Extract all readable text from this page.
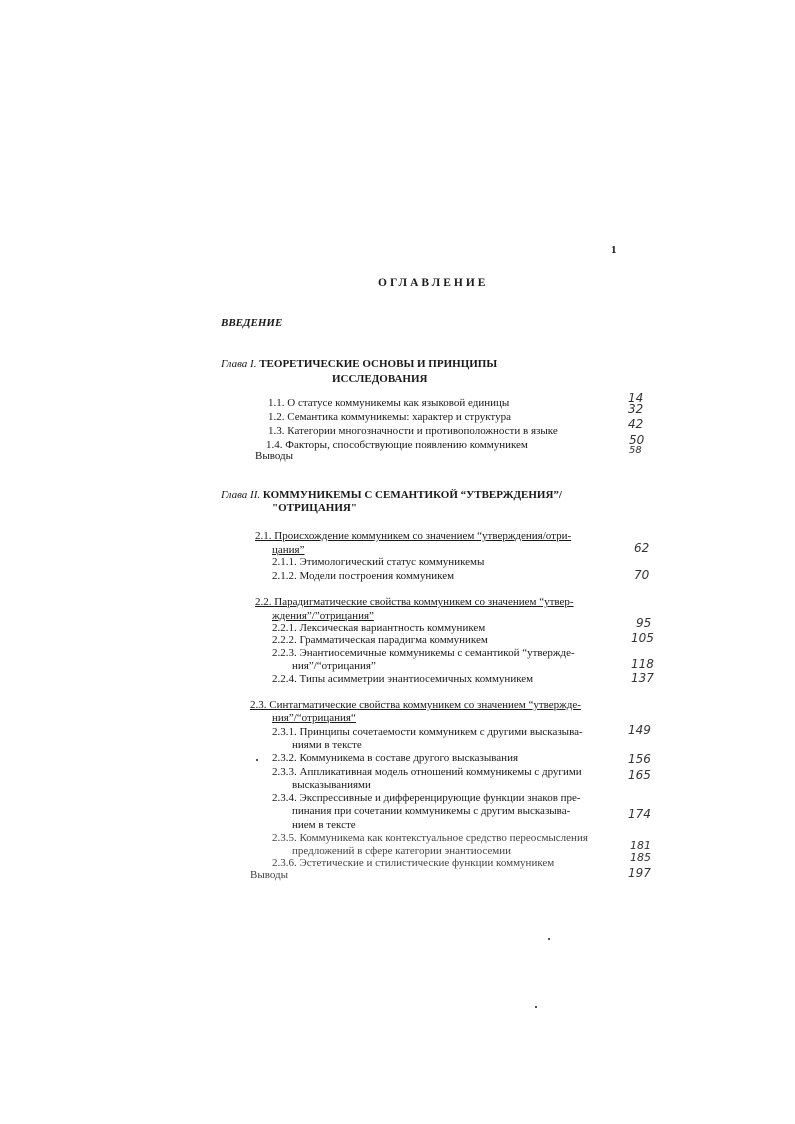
1
ОГЛАВЛЕНИЕ
ВВЕДЕНИЕ
Глава I. ТЕОРЕТИЧЕСКИЕ ОСНОВЫ И ПРИНЦИПЫ
ИССЛЕДОВАНИЯ
1.1. О статусе коммуникемы как языковой единицы
1.2. Семантика коммуникемы: характер и структура
1.3. Категории многозначности и противоположности в языке
1.4. Факторы, способствующие появлению коммуникем
Выводы
14
32
42
50
58
Глава II. КОММУНИКЕМЫ С СЕМАНТИКОЙ “УТВЕРЖДЕНИЯ”/
"ОТРИЦАНИЯ"
2.1. Происхождение коммуникем со значением “утверждения/отри-
цания”
2.1.1. Этимологический статус коммуникемы
2.1.2. Модели построения коммуникем
62
70
2.2. Парадигматические свойства коммуникем со значением “утвер-
ждения”/”отрицания”
2.2.1. Лексическая вариантность коммуникем
2.2.2. Грамматическая парадигма коммуникем
2.2.3. Энантиосемичные коммуникемы с семантикой “утвержде-
ния”/“отрицания”
2.2.4. Типы асимметрии энантиосемичных коммуникем
95
105
118
137
2.3. Синтагматические свойства коммуникем со значением “утвержде-
ния”/“отрицания“
2.3.1. Принципы сочетаемости коммуникем с другими высказыва-
ниями в тексте
2.3.2. Коммуникема в составе другого высказывания
2.3.3. Аппликативная модель отношений коммуникемы с другими
высказываниями
2.3.4. Экспрессивные и дифференцирующие функции знаков пре-
пинания при сочетании коммуникемы с другим высказыва-
нием в тексте
2.3.5. Коммуникема как контекстуальное средство переосмысления
предложений в сфере категории энантиосемии
2.3.6. Эстетические и стилистические функции коммуникем
Выводы
149
156
165
174
181
185
197
